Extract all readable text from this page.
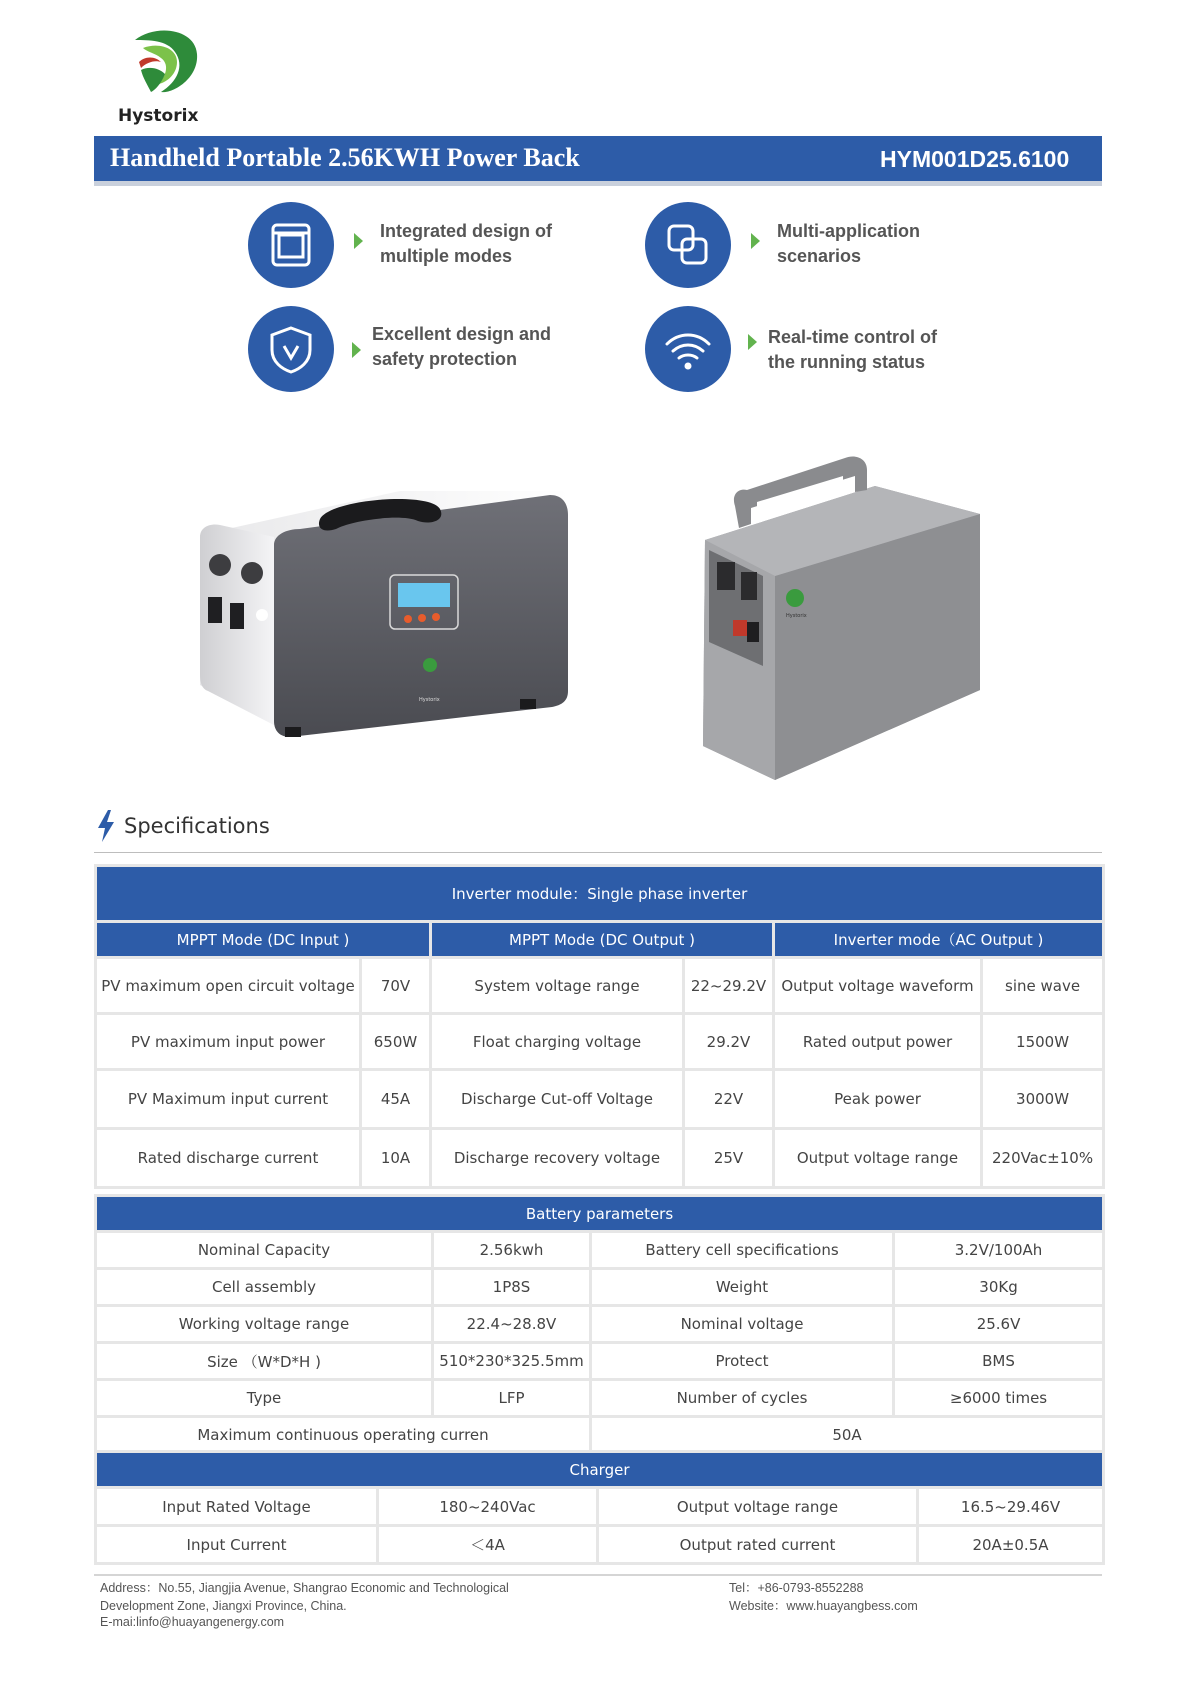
Hystorix
Handheld Portable 2.56KWH Power Back	HYM001D25.6100
Integrated design of
multiple modes
Multi-application
scenarios
Excellent design and
safety protection
Real-time control of
the running status
Hystorix
Hystorix
Specifications
Inverter module：Single phase inverter					
MPPT Mode (DC Input )		MPPT Mode (DC Output )		Inverter mode（AC Output )	
PV maximum open circuit voltage	70V	System voltage range	22~29.2V	Output voltage waveform	sine wave
PV maximum input power	650W	Float charging voltage	29.2V	Rated output power	1500W
PV Maximum input current	45A	Discharge Cut-off Voltage	22V	Peak power	3000W
Rated discharge current	10A	Discharge recovery voltage	25V	Output voltage range	220Vac±10%
Battery parameters			
Nominal Capacity	2.56kwh	Battery cell specifications	3.2V/100Ah
Cell assembly	1P8S	Weight	30Kg
Working voltage range	22.4~28.8V	Nominal voltage	25.6V
Size （W*D*H )	510*230*325.5mm	Protect	BMS
Type	LFP	Number of cycles	≥6000 times
Maximum continuous operating curren		50A	
Charger			
Input Rated Voltage	180~240Vac	Output voltage range	16.5~29.46V
Input Current	＜4A	Output rated current	20A±0.5A
Address：No.55, Jiangjia Avenue, Shangrao Economic and Technological
Development Zone, Jiangxi Province, China.
E-mai:linfo@huayangenergy.com
Tel：+86-0793-8552288
Website：www.huayangbess.com
